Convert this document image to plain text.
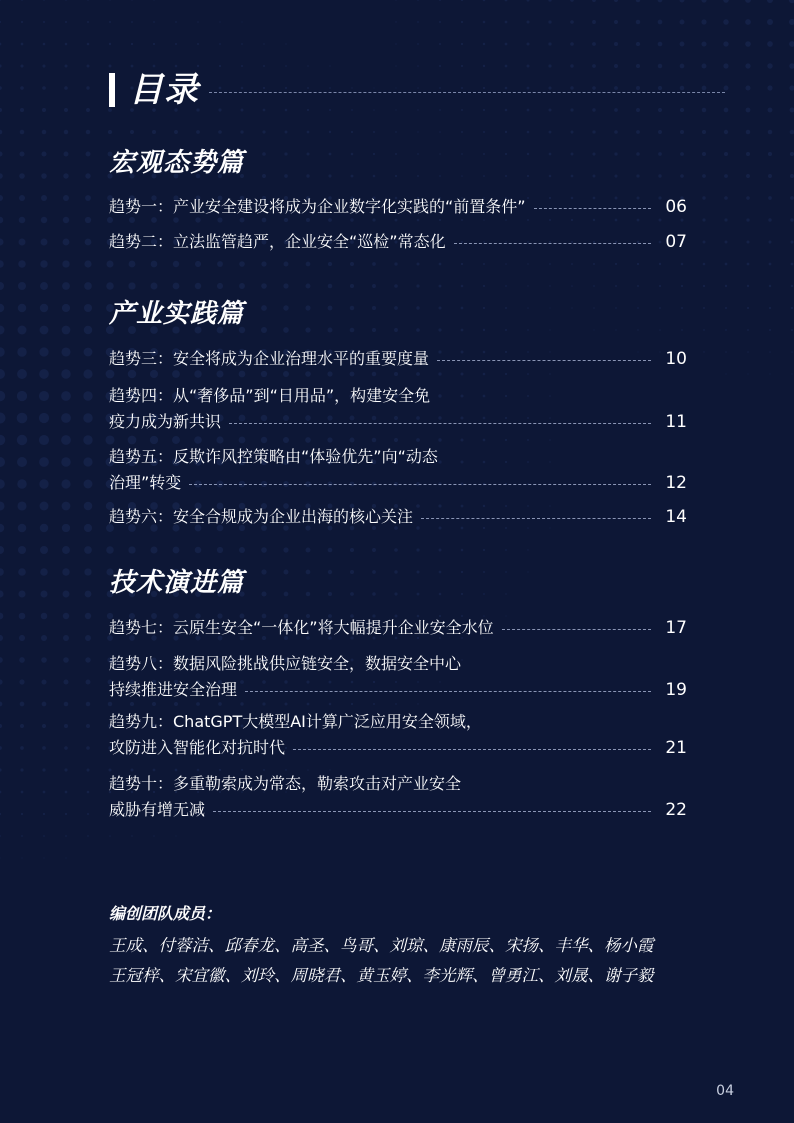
目录
宏观态势篇
趋势一：产业安全建设将成为企业数字化实践的“前置条件”	06
趋势二：立法监管趋严，企业安全“巡检”常态化	07
产业实践篇
趋势三：安全将成为企业治理水平的重要度量	10
趋势四：从“奢侈品”到“日用品”，构建安全免
疫力成为新共识	11
趋势五：反欺诈风控策略由“体验优先”向“动态
治理”转变	12
趋势六：安全合规成为企业出海的核心关注	14
技术演进篇
趋势七：云原生安全“一体化”将大幅提升企业安全水位	17
趋势八：数据风险挑战供应链安全，数据安全中心
持续推进安全治理	19
趋势九：ChatGPT大模型AI计算广泛应用安全领域，
攻防进入智能化对抗时代	21
趋势十：多重勒索成为常态，勒索攻击对产业安全
威胁有增无减	22
编创团队成员：
王成、付蓉洁、邱春龙、高圣、鸟哥、刘琼、康雨辰、宋扬、丰华、杨小霞
王冠梓、宋宜徽、刘玲、周晓君、黄玉婷、李光辉、曾勇江、刘晟、谢子毅
04
